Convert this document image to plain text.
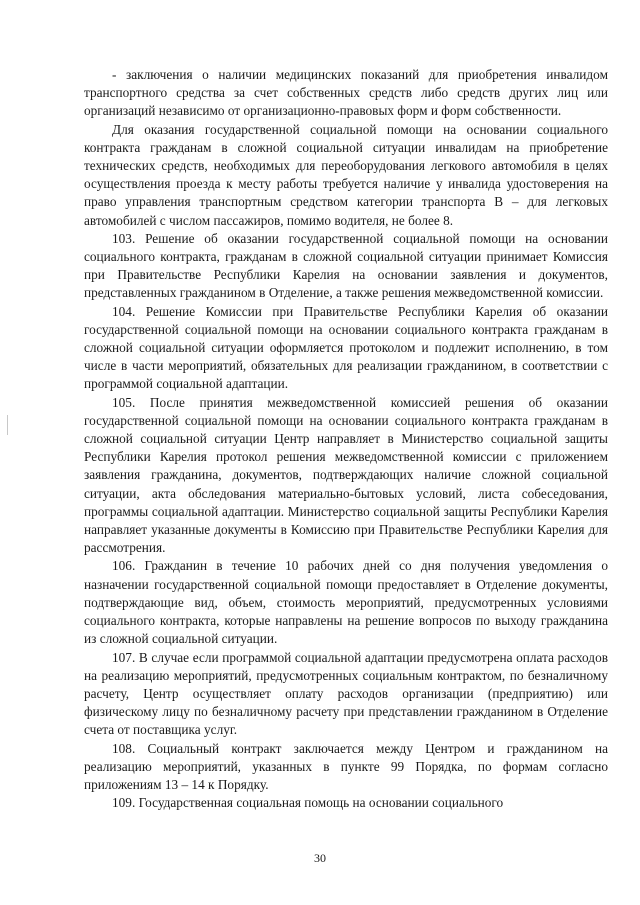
- заключения о наличии медицинских показаний для приобретения инвалидом транспортного средства за счет собственных средств либо средств других лиц или организаций независимо от организационно-правовых форм и форм собственности.

Для оказания государственной социальной помощи на основании социального контракта гражданам в сложной социальной ситуации инвалидам на приобретение технических средств, необходимых для переоборудования легкового автомобиля в целях осуществления проезда к месту работы требуется наличие у инвалида удостоверения на право управления транспортным средством категории транспорта В – для легковых автомобилей с числом пассажиров, помимо водителя, не более 8.

103. Решение об оказании государственной социальной помощи на основании социального контракта, гражданам в сложной социальной ситуации принимает Комиссия при Правительстве Республики Карелия на основании заявления и документов, представленных гражданином в Отделение, а также решения межведомственной комиссии.

104. Решение Комиссии при Правительстве Республики Карелия об оказании государственной социальной помощи на основании социального контракта гражданам в сложной социальной ситуации оформляется протоколом и подлежит исполнению, в том числе в части мероприятий, обязательных для реализации гражданином, в соответствии с программой социальной адаптации.

105. После принятия межведомственной комиссией решения об оказании государственной социальной помощи на основании социального контракта гражданам в сложной социальной ситуации Центр направляет в Министерство социальной защиты Республики Карелия протокол решения межведомственной комиссии с приложением заявления гражданина, документов, подтверждающих наличие сложной социальной ситуации, акта обследования материально-бытовых условий, листа собеседования, программы социальной адаптации. Министерство социальной защиты Республики Карелия направляет указанные документы в Комиссию при Правительстве Республики Карелия для рассмотрения.

106. Гражданин в течение 10 рабочих дней со дня получения уведомления о назначении государственной социальной помощи предоставляет в Отделение документы, подтверждающие вид, объем, стоимость мероприятий, предусмотренных условиями социального контракта, которые направлены на решение вопросов по выходу гражданина из сложной социальной ситуации.

107. В случае если программой социальной адаптации предусмотрена оплата расходов на реализацию мероприятий, предусмотренных социальным контрактом, по безналичному расчету, Центр осуществляет оплату расходов организации (предприятию) или физическому лицу по безналичному расчету при представлении гражданином в Отделение счета от поставщика услуг.

108. Социальный контракт заключается между Центром и гражданином на реализацию мероприятий, указанных в пункте 99 Порядка, по формам согласно приложениям 13 – 14 к Порядку.

109. Государственная социальная помощь на основании социального

30
